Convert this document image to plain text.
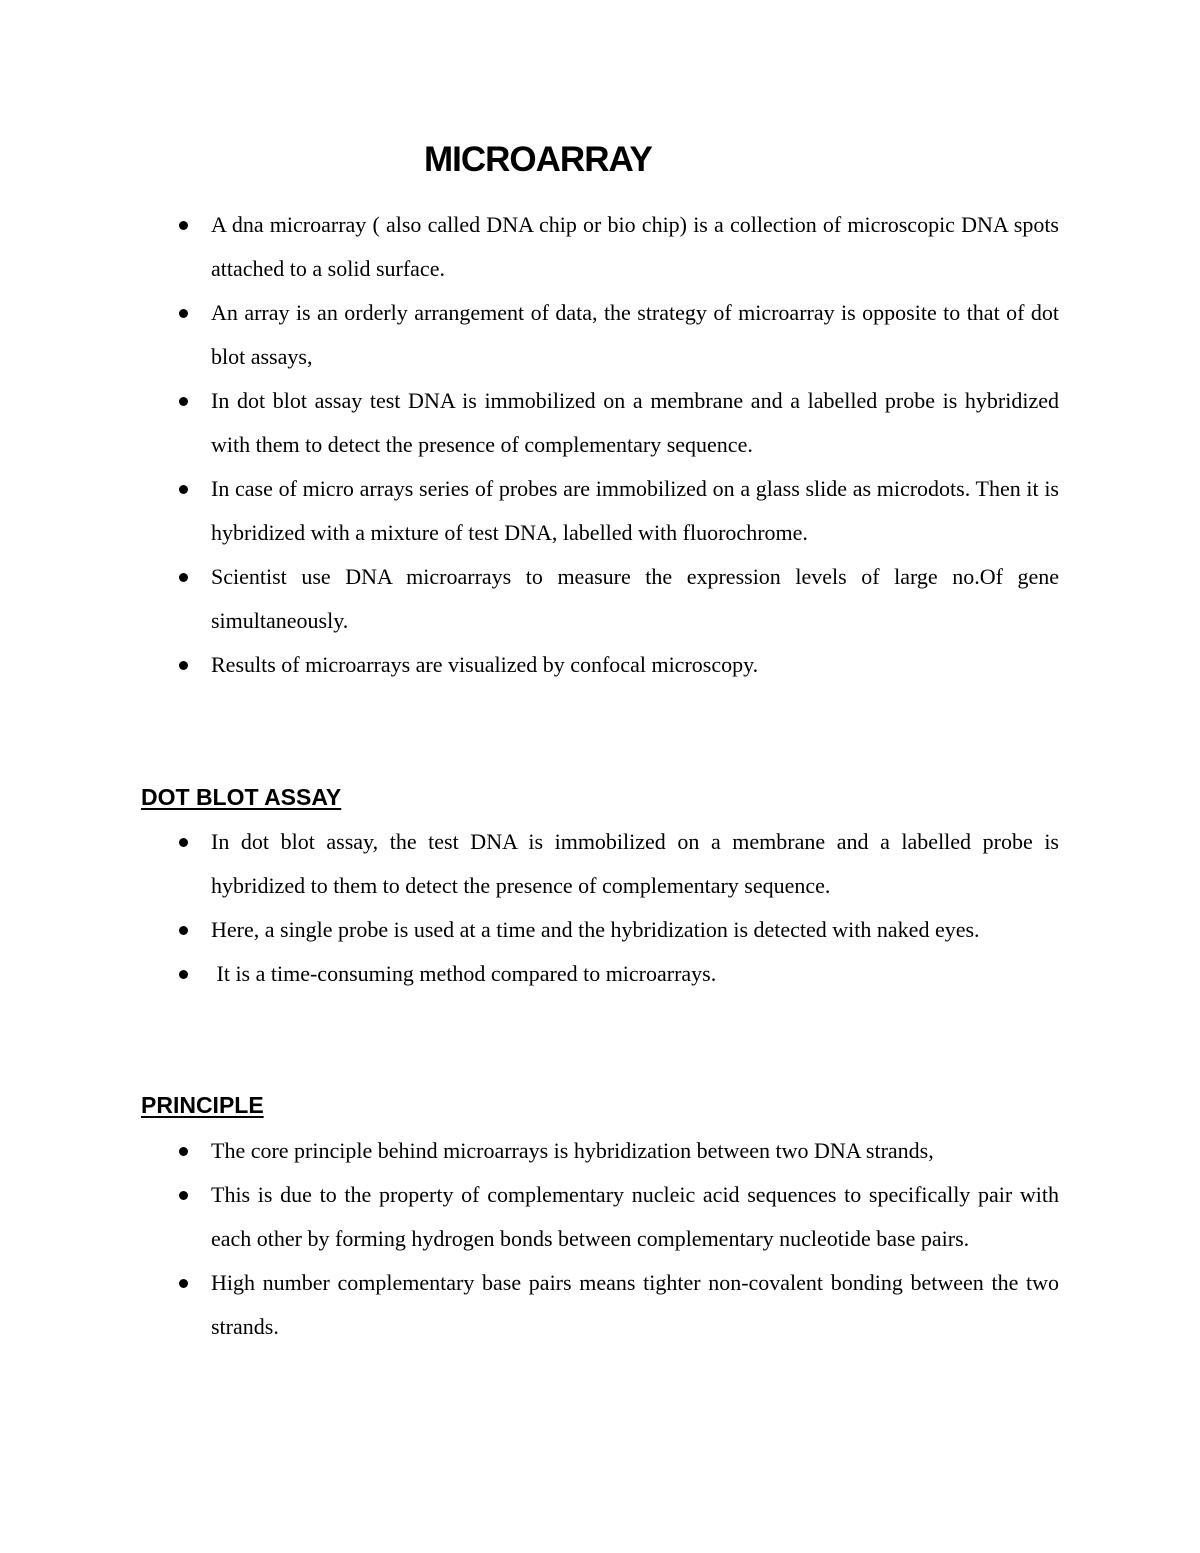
MICROARRAY
A dna microarray ( also called DNA chip or bio chip) is a collection of microscopic DNA spots attached to a solid surface.
An array is an orderly arrangement of data, the strategy of microarray is opposite to that of dot blot assays,
In dot blot assay test DNA is immobilized on a membrane and a labelled probe is hybridized with them to detect the presence of complementary sequence.
In case of micro arrays series of probes are immobilized on a glass slide as microdots. Then it is hybridized with a mixture of test DNA, labelled with fluorochrome.
Scientist use DNA microarrays to measure the expression levels of large no.Of gene simultaneously.
Results of microarrays are visualized by confocal microscopy.
DOT BLOT ASSAY
In dot blot assay, the test DNA is immobilized on a membrane and a labelled probe is hybridized to them to detect the presence of complementary sequence.
Here, a single probe is used at a time and the hybridization is detected with naked eyes.
It is a time-consuming method compared to microarrays.
PRINCIPLE
The core principle behind microarrays is hybridization between two DNA strands,
This is due to the property of complementary nucleic acid sequences to specifically pair with each other by forming hydrogen bonds between complementary nucleotide base pairs.
High number complementary base pairs means tighter non-covalent bonding between the two strands.
